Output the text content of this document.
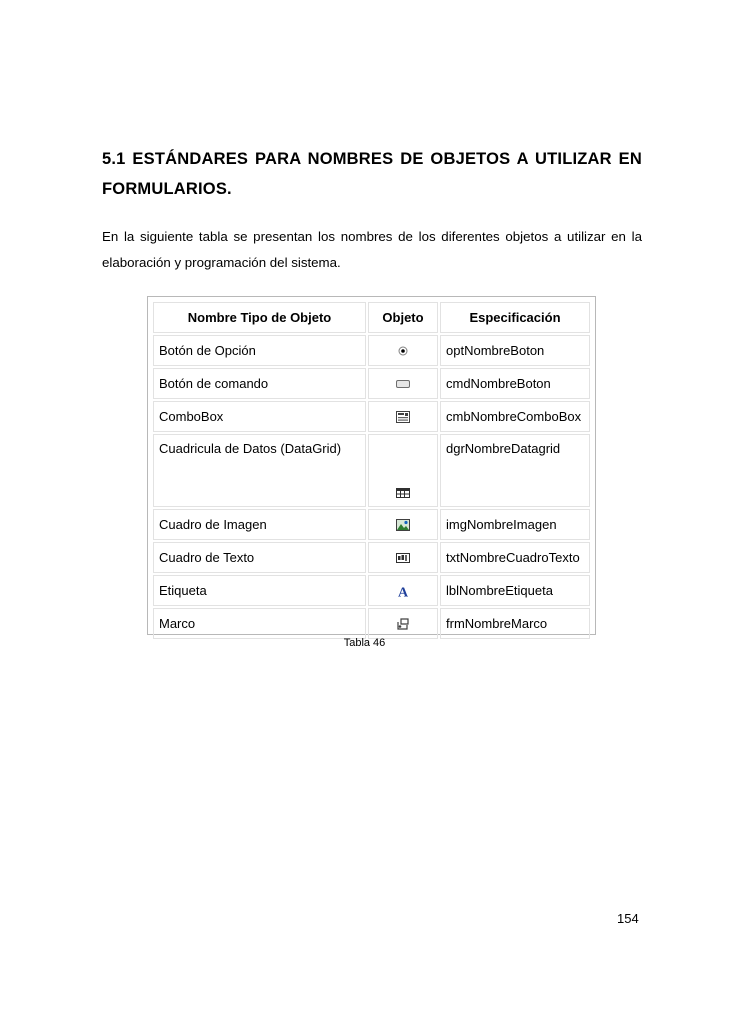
5.1 ESTÁNDARES PARA NOMBRES DE OBJETOS A UTILIZAR EN FORMULARIOS.
En la siguiente tabla se presentan los nombres de los diferentes objetos a utilizar en la elaboración y programación del sistema.
Nombre Tipo de Objeto	Objeto	Especificación
Botón de Opción		optNombreBoton
Botón de comando		cmdNombreBoton
ComboBox		cmbNombreComboBox
Cuadricula de Datos (DataGrid)		dgrNombreDatagrid
Cuadro de Imagen		imgNombreImagen
Cuadro de Texto		txtNombreCuadroTexto
Etiqueta	A	lblNombreEtiqueta
Marco		frmNombreMarco
Tabla 46
154
